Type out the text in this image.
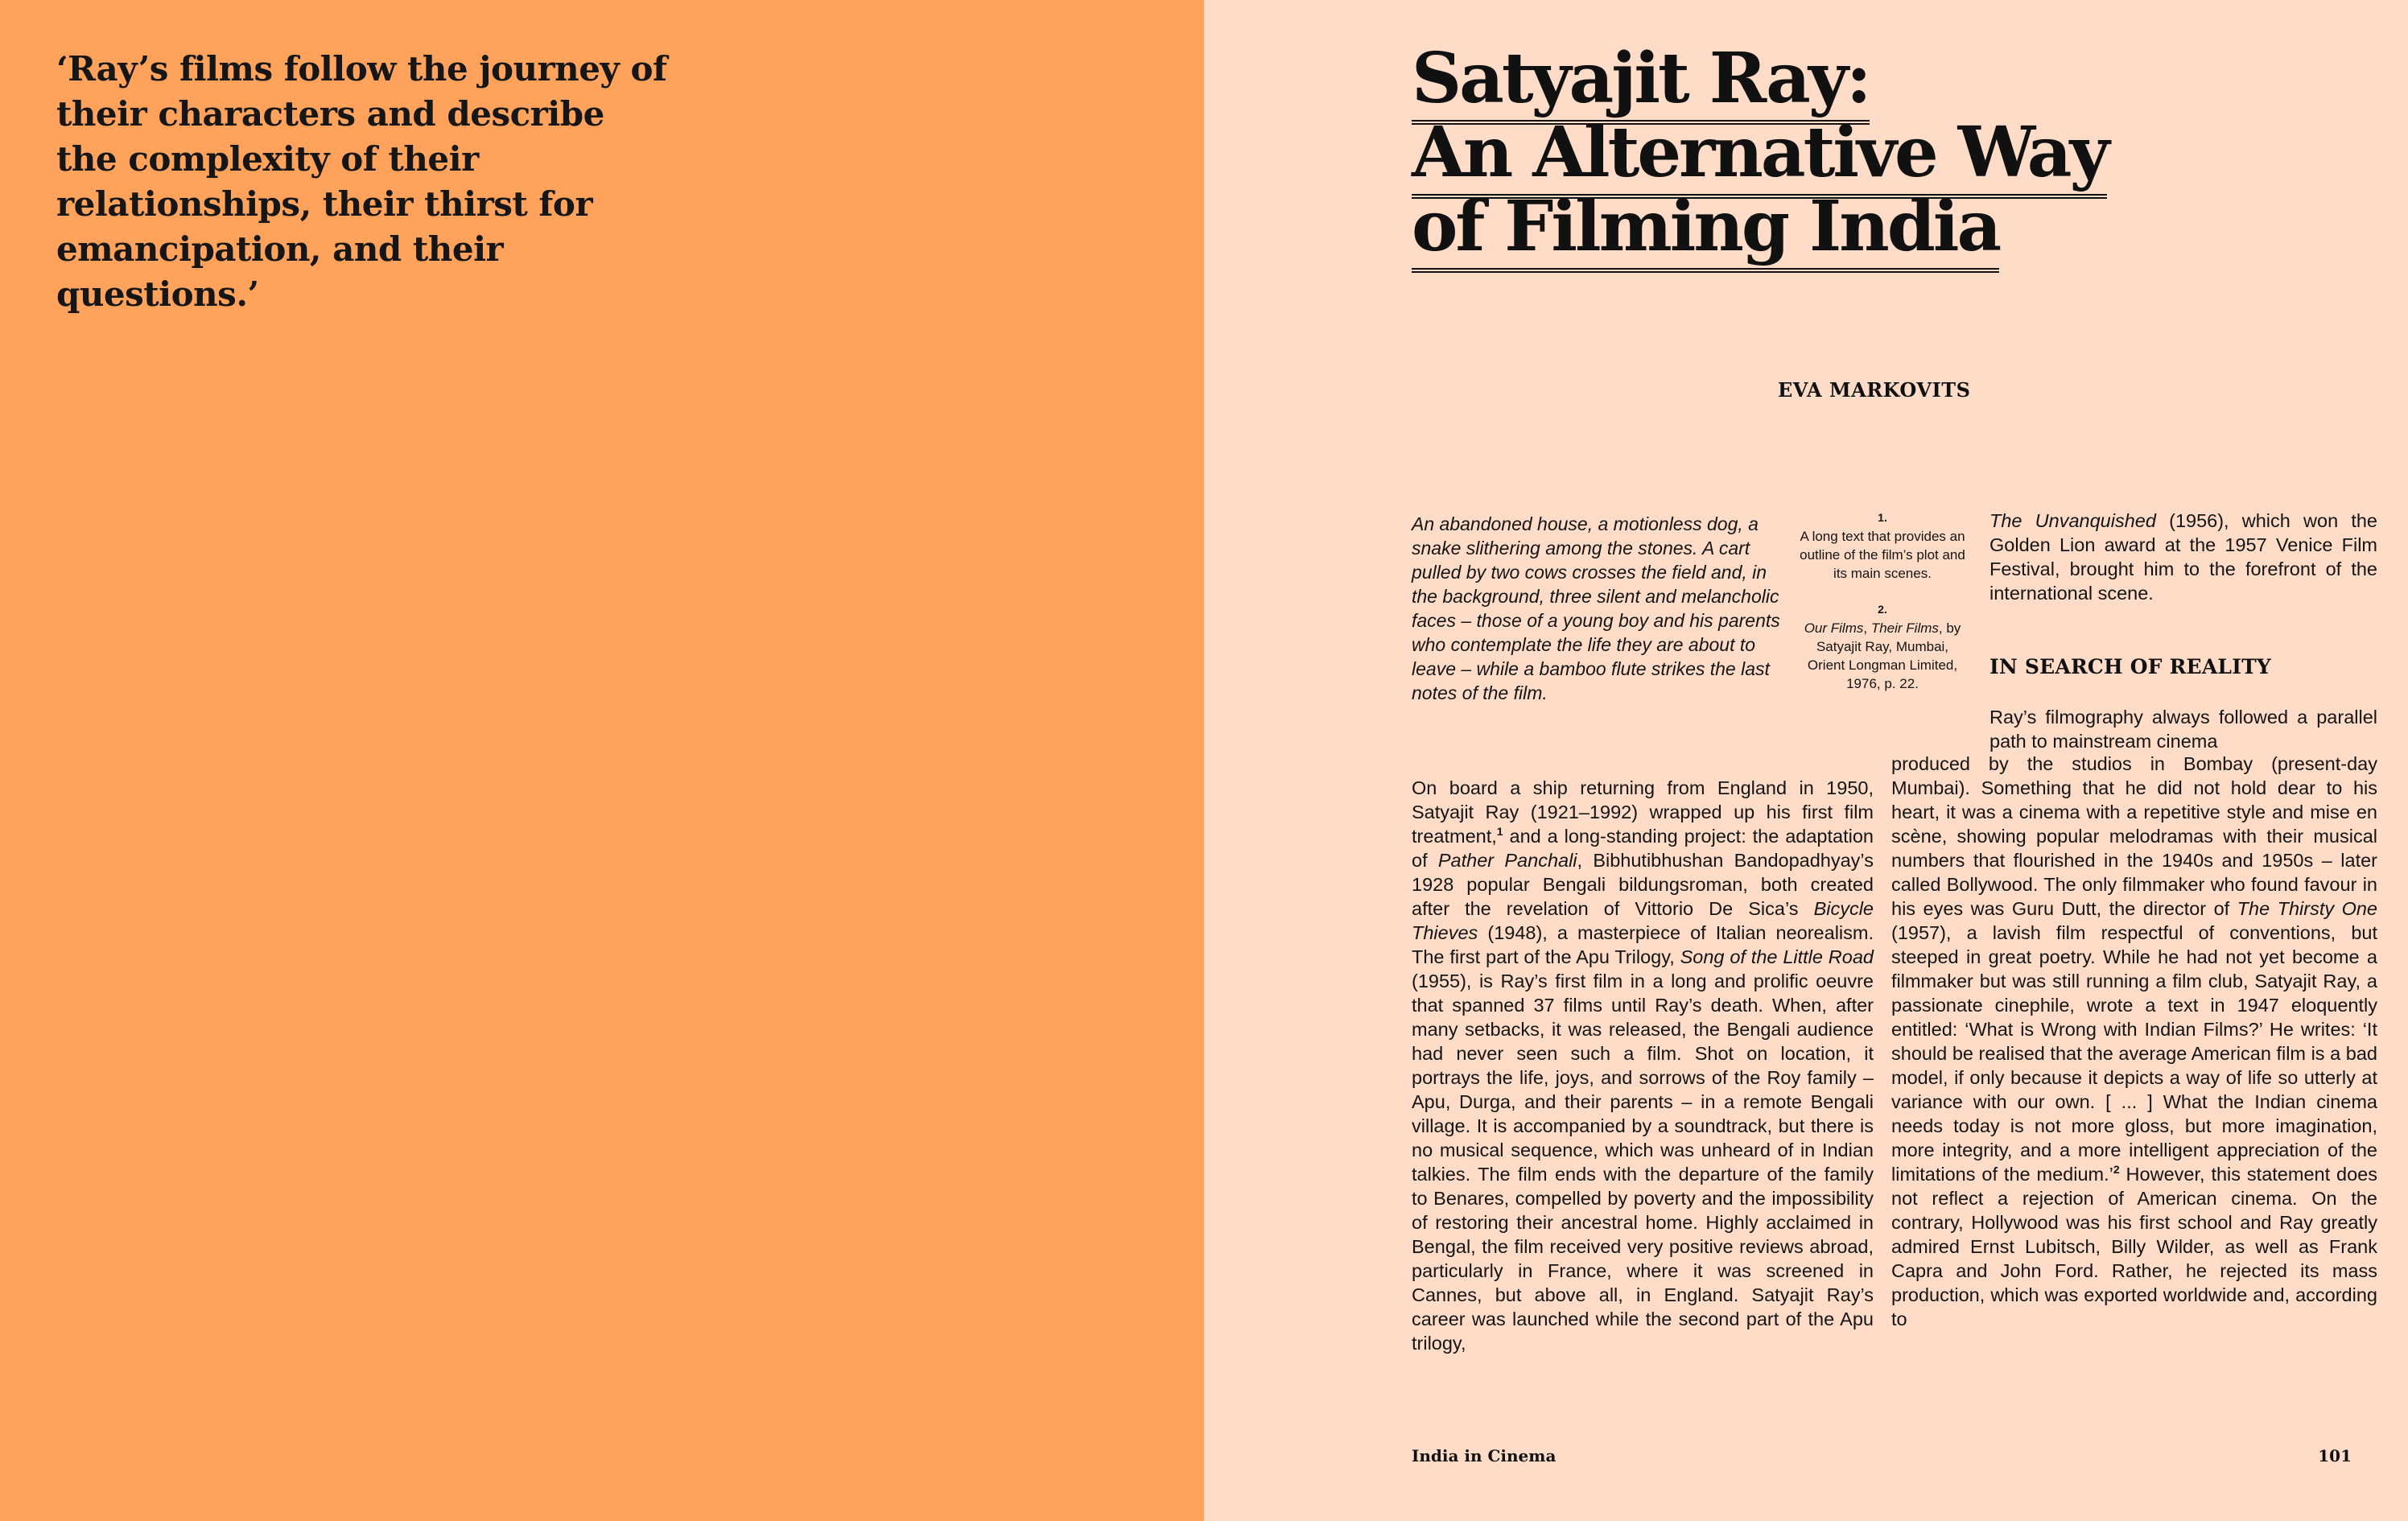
‘Ray’s films follow the journey of their characters and describe the complexity of their relationships, their thirst for emancipation, and their questions.’

Satyajit Ray:
An Alternative Way
of Filming India
EVA MARKOVITS

An abandoned house, a motionless dog, a snake slithering among the stones. A cart pulled by two cows crosses the field and, in the background, three silent and melancholic faces – those of a young boy and his parents who contemplate the life they are about to leave – while a bamboo flute strikes the last notes of the film.

1.
A long text that provides an outline of the film’s plot and its main scenes.
2.
Our Films, Their Films, by Satyajit Ray, Mumbai, Orient Longman Limited, 1976, p. 22.

On board a ship returning from England in 1950, Satyajit Ray (1921–1992) wrapped up his first film treatment,$^1$ and a long-standing project: the adaptation of Pather Panchali, Bibhutibhushan Bandopadhyay’s 1928 popular Bengali bildungsroman, both created after the revelation of Vittorio De Sica’s Bicycle Thieves (1948), a masterpiece of Italian neorealism. The first part of the Apu Trilogy, Song of the Little Road (1955), is Ray’s first film in a long and prolific oeuvre that spanned 37 films until Ray’s death. When, after many setbacks, it was released, the Bengali audience had never seen such a film. Shot on location, it portrays the life, joys, and sorrows of the Roy family – Apu, Durga, and their parents – in a remote Bengali village. It is accompanied by a soundtrack, but there is no musical sequence, which was unheard of in Indian talkies. The film ends with the departure of the family to Benares, compelled by poverty and the impossibility of restoring their ancestral home. Highly acclaimed in Bengal, the film received very positive reviews abroad, particularly in France, where it was screened in Cannes, but above all, in England. Satyajit Ray’s career was launched while the second part of the Apu trilogy,

The Unvanquished (1956), which won the Golden Lion award at the 1957 Venice Film Festival, brought him to the forefront of the international scene.

IN SEARCH OF REALITY

Ray’s filmography always followed a parallel path to mainstream cinema

produced by the studios in Bombay (present-day Mumbai). Something that he did not hold dear to his heart, it was a cinema with a repetitive style and mise en scène, showing popular melodramas with their musical numbers that flourished in the 1940s and 1950s – later called Bollywood. The only filmmaker who found favour in his eyes was Guru Dutt, the director of The Thirsty One (1957), a lavish film respectful of conventions, but steeped in great poetry. While he had not yet become a filmmaker but was still running a film club, Satyajit Ray, a passionate cinephile, wrote a text in 1947 eloquently entitled: ‘What is Wrong with Indian Films?’ He writes: ‘It should be realised that the average American film is a bad model, if only because it depicts a way of life so utterly at variance with our own. [ ... ] What the Indian cinema needs today is not more gloss, but more imagination, more integrity, and a more intelligent appreciation of the limitations of the medium.’$^2$ However, this statement does not reflect a rejection of American cinema. On the contrary, Hollywood was his first school and Ray greatly admired Ernst Lubitsch, Billy Wilder, as well as Frank Capra and John Ford. Rather, he rejected its mass production, which was exported worldwide and, according to

India in Cinema	101
